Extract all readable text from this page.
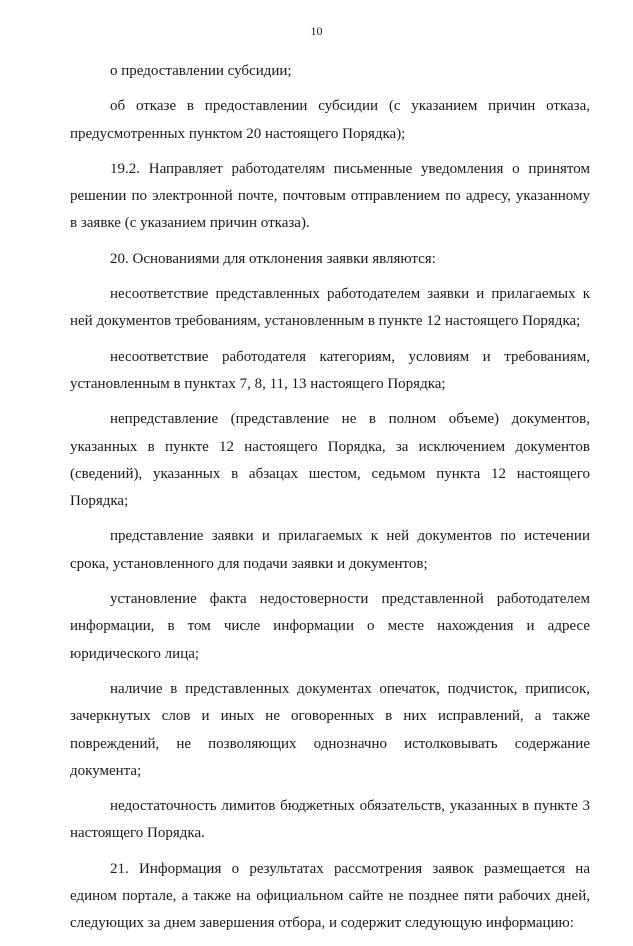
10

о предоставлении субсидии;

об отказе в предоставлении субсидии (с указанием причин отказа, предусмотренных пунктом 20 настоящего Порядка);

19.2. Направляет работодателям письменные уведомления о принятом решении по электронной почте, почтовым отправлением по адресу, указанному в заявке (с указанием причин отказа).

20. Основаниями для отклонения заявки являются:

несоответствие представленных работодателем заявки и прилагаемых к ней документов требованиям, установленным в пункте 12 настоящего Порядка;

несоответствие работодателя категориям, условиям и требованиям, установленным в пунктах 7, 8, 11, 13 настоящего Порядка;

непредставление (представление не в полном объеме) документов, указанных в пункте 12 настоящего Порядка, за исключением документов (сведений), указанных в абзацах шестом, седьмом пункта 12 настоящего Порядка;

представление заявки и прилагаемых к ней документов по истечении срока, установленного для подачи заявки и документов;

установление факта недостоверности представленной работодателем информации, в том числе информации о месте нахождения и адресе юридического лица;

наличие в представленных документах опечаток, подчисток, приписок, зачеркнутых слов и иных не оговоренных в них исправлений, а также повреждений, не позволяющих однозначно истолковывать содержание документа;

недостаточность лимитов бюджетных обязательств, указанных в пункте 3 настоящего Порядка.

21. Информация о результатах рассмотрения заявок размещается на едином портале, а также на официальном сайте не позднее пяти рабочих дней, следующих за днем завершения отбора, и содержит следующую информацию:
